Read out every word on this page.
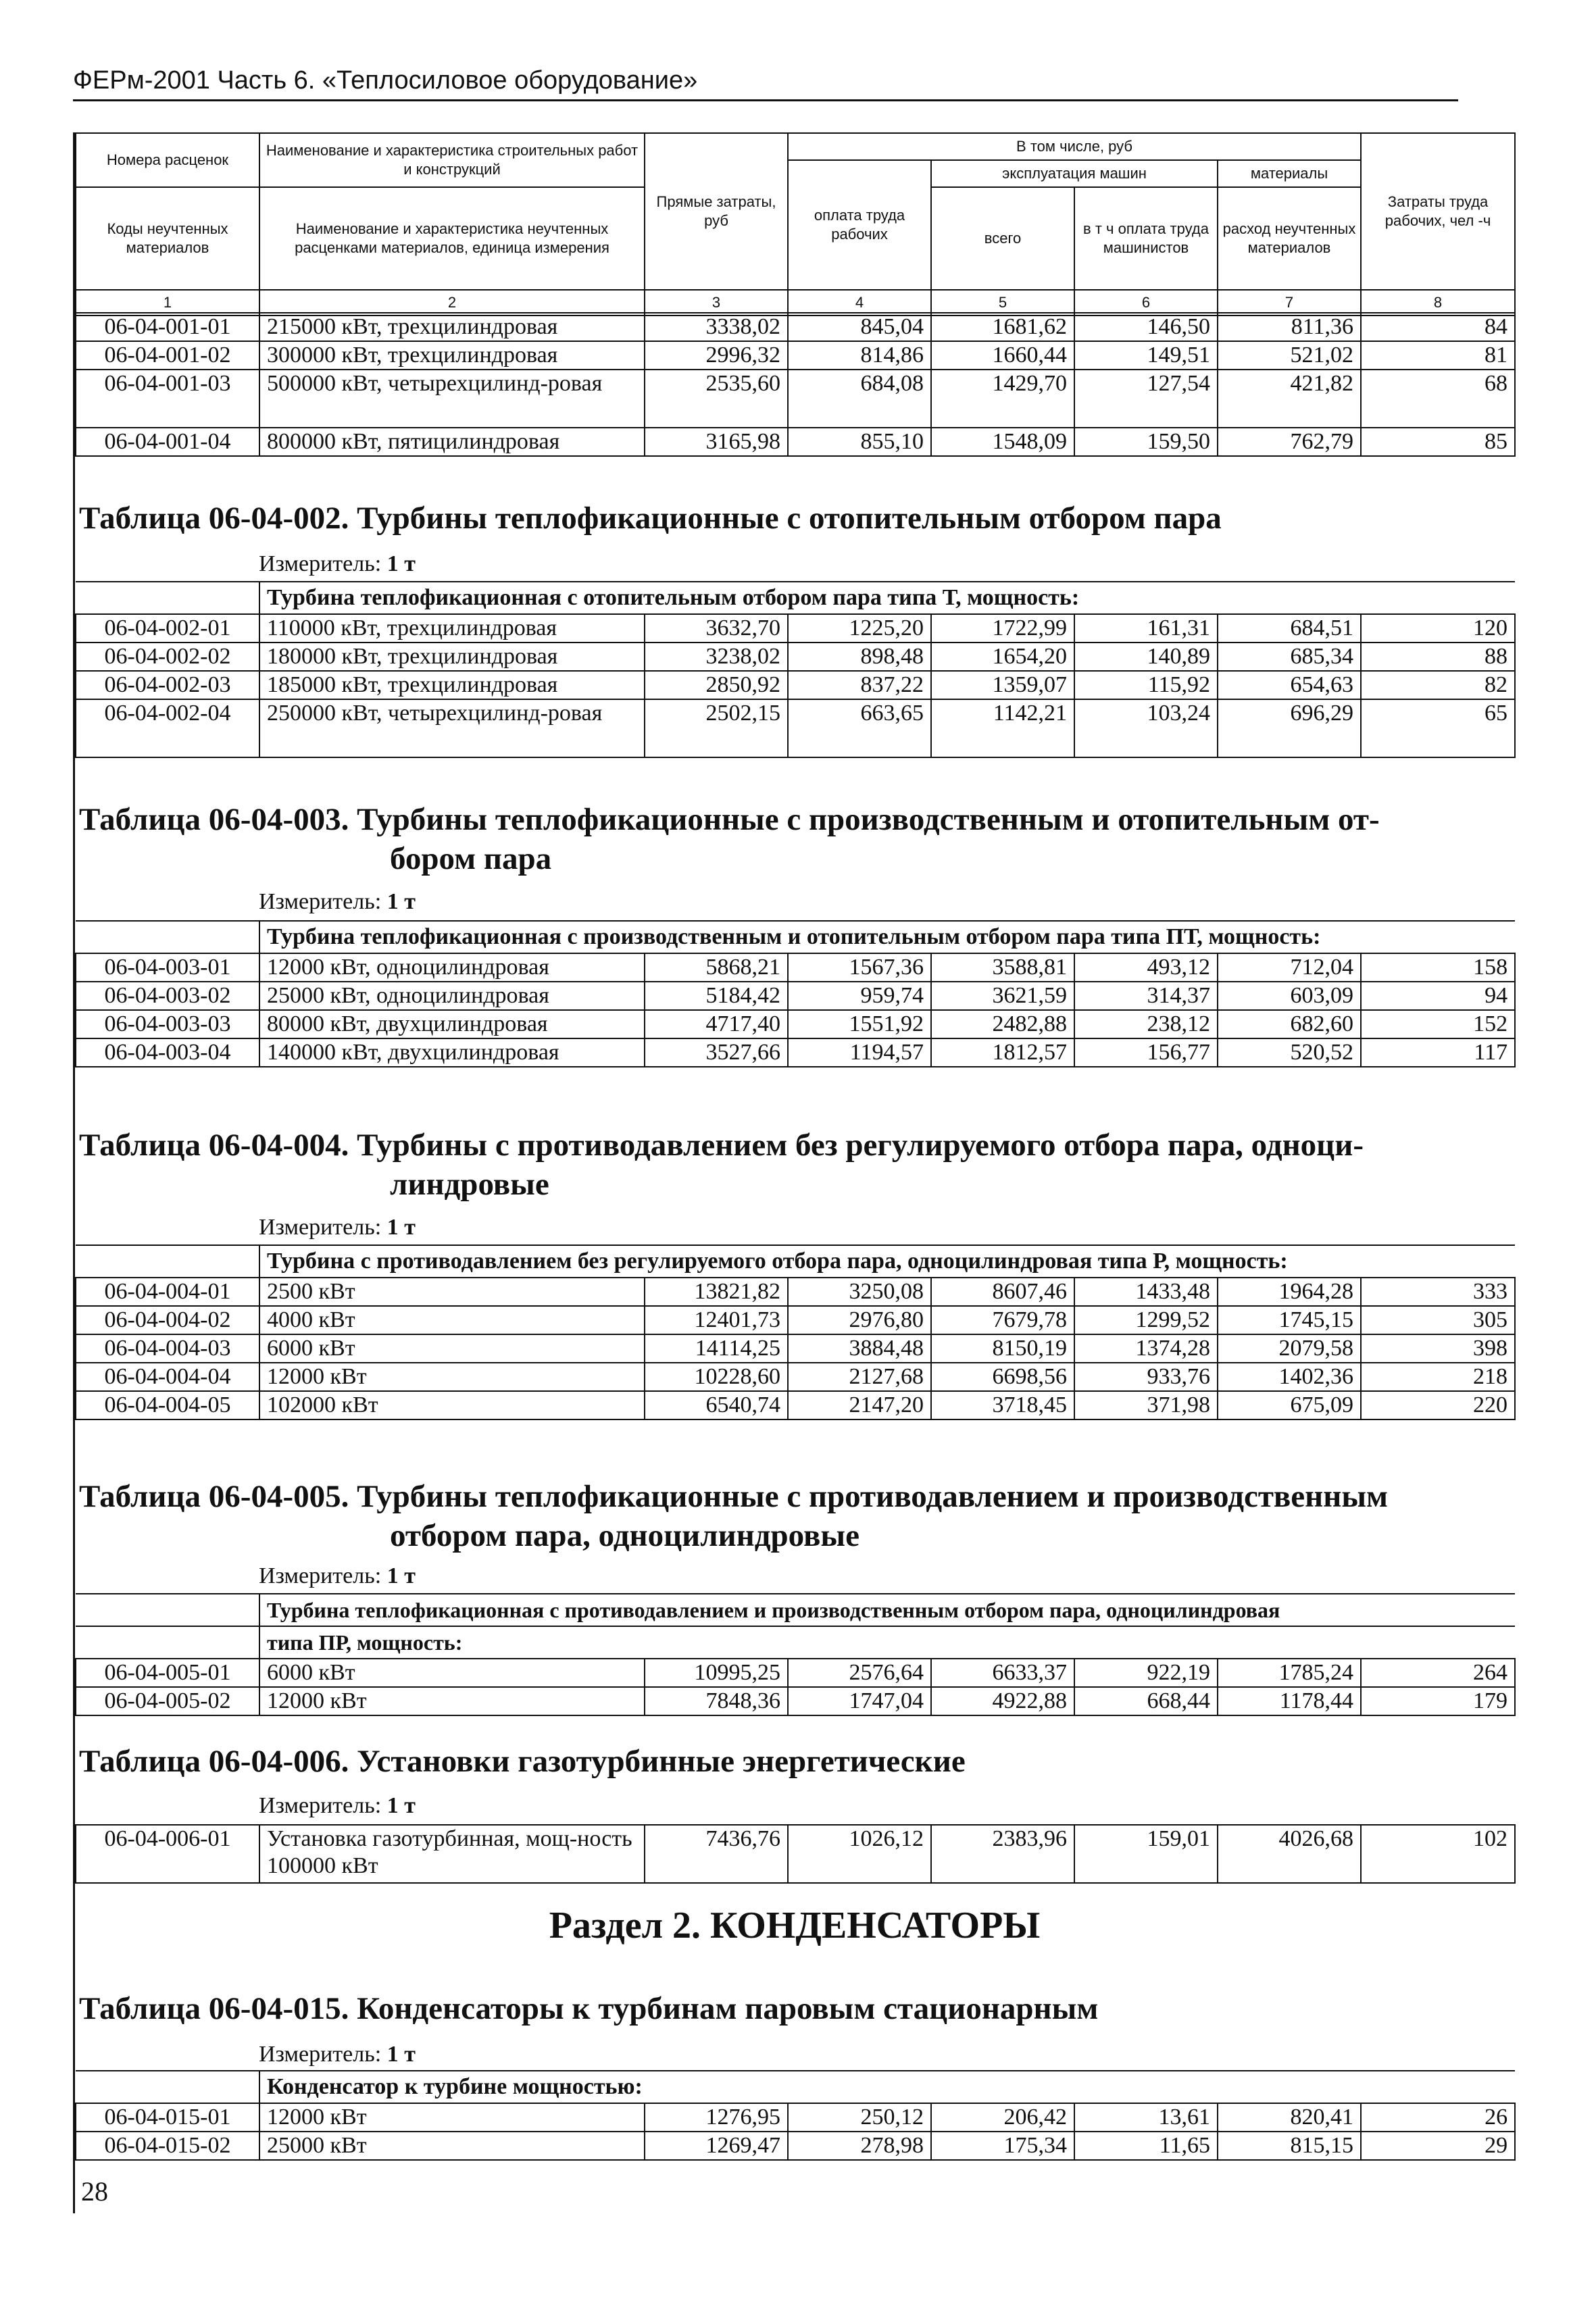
ФЕРм-2001 Часть 6. «Теплосиловое оборудование»
Номера расценок	Наименование и характеристика строительных работ и конструкций	Прямые затраты, руб	В том числе, руб				Затраты труда рабочих, чел -ч
			оплата труда рабочих	эксплуатация машин		материалы	
Коды неучтенных материалов	Наименование и характеристика неучтенных расценками материалов, единица измерения			всего	в т ч оплата труда машинистов	расход неучтенных материалов	

1	2	3	4	5	6	7	8
06-04-001-01	215000 кВт, трехцилиндровая	3338,02	845,04	1681,62	146,50	811,36	84
06-04-001-02	300000 кВт, трехцилиндровая	2996,32	814,86	1660,44	149,51	521,02	81
06-04-001-03	500000 кВт, четырехцилинд-ровая	2535,60	684,08	1429,70	127,54	421,82	68
06-04-001-04	800000 кВт, пятицилиндровая	3165,98	855,10	1548,09	159,50	762,79	85
Таблица 06-04-002. Турбины теплофикационные с отопительным отбором пара
Измеритель: 1 т
	Турбина теплофикационная с отопительным отбором пара типа Т, мощность:						
06-04-002-01	110000 кВт, трехцилиндровая	3632,70	1225,20	1722,99	161,31	684,51	120
06-04-002-02	180000 кВт, трехцилиндровая	3238,02	898,48	1654,20	140,89	685,34	88
06-04-002-03	185000 кВт, трехцилиндровая	2850,92	837,22	1359,07	115,92	654,63	82
06-04-002-04	250000 кВт, четырехцилинд-ровая	2502,15	663,65	1142,21	103,24	696,29	65
Таблица 06-04-003. Турбины теплофикационные с производственным и отопительным от-
бором пара
Измеритель: 1 т
	Турбина теплофикационная с производственным и отопительным отбором пара типа ПТ, мощность:						
06-04-003-01	12000 кВт, одноцилиндровая	5868,21	1567,36	3588,81	493,12	712,04	158
06-04-003-02	25000 кВт, одноцилиндровая	5184,42	959,74	3621,59	314,37	603,09	94
06-04-003-03	80000 кВт, двухцилиндровая	4717,40	1551,92	2482,88	238,12	682,60	152
06-04-003-04	140000 кВт, двухцилиндровая	3527,66	1194,57	1812,57	156,77	520,52	117
Таблица 06-04-004. Турбины с противодавлением без регулируемого отбора пара, одноци-
линдровые
Измеритель: 1 т
	Турбина с противодавлением без регулируемого отбора пара, одноцилиндровая типа Р, мощность:						
06-04-004-01	2500 кВт	13821,82	3250,08	8607,46	1433,48	1964,28	333
06-04-004-02	4000 кВт	12401,73	2976,80	7679,78	1299,52	1745,15	305
06-04-004-03	6000 кВт	14114,25	3884,48	8150,19	1374,28	2079,58	398
06-04-004-04	12000 кВт	10228,60	2127,68	6698,56	933,76	1402,36	218
06-04-004-05	102000 кВт	6540,74	2147,20	3718,45	371,98	675,09	220
Таблица 06-04-005. Турбины теплофикационные с противодавлением и производственным
отбором пара, одноцилиндровые
Измеритель: 1 т
	Турбина теплофикационная с противодавлением и производственным отбором пара, одноцилиндровая						
	типа ПР, мощность:						
06-04-005-01	6000 кВт	10995,25	2576,64	6633,37	922,19	1785,24	264
06-04-005-02	12000 кВт	7848,36	1747,04	4922,88	668,44	1178,44	179
Таблица 06-04-006. Установки газотурбинные энергетические
Измеритель: 1 т
06-04-006-01	Установка газотурбинная, мощ-ность 100000 кВт	7436,76	1026,12	2383,96	159,01	4026,68	102
Раздел 2. КОНДЕНСАТОРЫ
Таблица 06-04-015. Конденсаторы к турбинам паровым стационарным
Измеритель: 1 т
	Конденсатор к турбине мощностью:						
06-04-015-01	12000 кВт	1276,95	250,12	206,42	13,61	820,41	26
06-04-015-02	25000 кВт	1269,47	278,98	175,34	11,65	815,15	29
28
